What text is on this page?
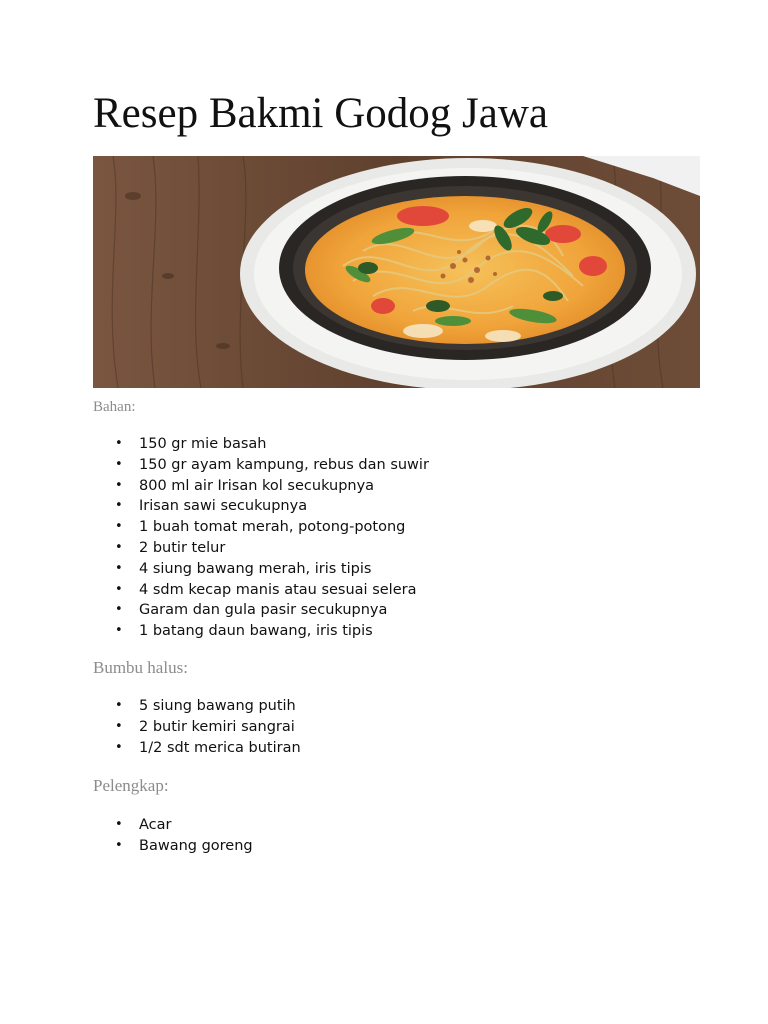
Resep Bakmi Godog Jawa

Bahan:

• 150 gr mie basah
• 150 gr ayam kampung, rebus dan suwir
• 800 ml air Irisan kol secukupnya
• Irisan sawi secukupnya
• 1 buah tomat merah, potong-potong
• 2 butir telur
• 4 siung bawang merah, iris tipis
• 4 sdm kecap manis atau sesuai selera
• Garam dan gula pasir secukupnya
• 1 batang daun bawang, iris tipis

Bumbu halus:

• 5 siung bawang putih
• 2 butir kemiri sangrai
• 1/2 sdt merica butiran

Pelengkap:

• Acar
• Bawang goreng
